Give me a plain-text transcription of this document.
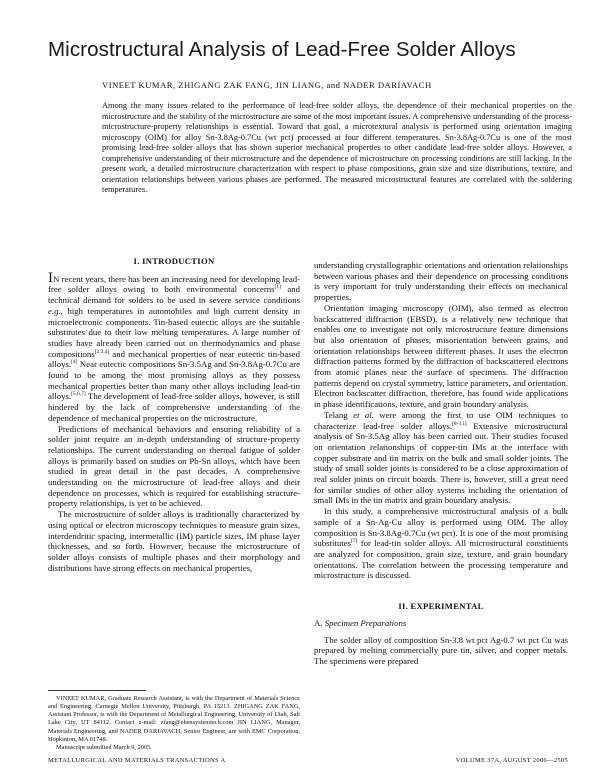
Microstructural Analysis of Lead-Free Solder Alloys
VINEET KUMAR, ZHIGANG ZAK FANG, JIN LIANG, and NADER DARIAVACH
Among the many issues related to the performance of lead-free solder alloys, the dependence of their mechanical properties on the microstructure and the stability of the microstructure are some of the most important issues. A comprehensive understanding of the process-microstructure-property relationships is essential. Toward that goal, a microtextural analysis is performed using orientation imaging microscopy (OIM) for alloy Sn-3.8Ag-0.7Cu (wt pct) processed at four different temperatures. Sn-3.8Ag-0.7Cu is one of the most promising lead-free solder alloys that has shown superior mechanical properties to other candidate lead-free solder alloys. However, a comprehensive understanding of their microstructure and the dependence of microstructure on processing conditions are still lacking. In the present work, a detailed microstructure characterization with respect to phase compositions, grain size and size distributions, texture, and orientation relationships between various phases are performed. The measured microstructural features are correlated with the soldering temperatures.
I. INTRODUCTION

IN recent years, there has been an increasing need for developing lead-free solder alloys owing to both environmental concerns[1] and technical demand for solders to be used in severe service conditions e.g., high temperatures in automobiles and high current density in microelectronic components. Tin-based eutectic alloys are the suitable substitutes due to their low melting temperatures. A large number of studies have already been carried out on thermodynamics and phase compositions[2,3,4] and mechanical properties of near eutectic tin-based alloys.[4] Near eutectic compositions Sn-3.5Ag and Sn-3.8Ag-0.7Cu are found to be among the most promising alloys as they possess mechanical properties better than many other alloys including lead-tin alloys.[5,6,7] The development of lead-free solder alloys, however, is still hindered by the lack of comprehensive understanding of the dependence of mechanical properties on the microstructure.

Predictions of mechanical behaviors and ensuring reliability of a solder joint require an in-depth understanding of structure-property relationships. The current understanding on thermal fatigue of solder alloys is primarily based on studies on Pb-Sn alloys, which have been studied in great detail in the past decades. A comprehensive understanding on the microstructure of lead-free alloys and their dependence on processes, which is required for establishing structure-property relationships, is yet to be achieved.

The microstructure of solder alloys is traditionally characterized by using optical or electron microscopy techniques to measure grain sizes, interdendritic spacing, intermetallic (IM) particle sizes, IM phase layer thicknesses, and so forth. However, because the microstructure of solder alloys consists of multiple phases and their morphology and distributions have strong effects on mechanical properties,

understanding crystallographic orientations and orientation relationships between various phases and their dependence on processing conditions is very important for truly understanding their effects on mechanical properties.

Orientation imaging microscopy (OIM), also termed as electron backscattered diffraction (EBSD), is a relatively new technique that enables one to investigate not only microstructure feature dimensions but also orientation of phases, misorientation between grains, and orientation relationships between different phases. It uses the electron diffraction patterns formed by the diffraction of backscattered electrons from atomic planes near the surface of specimens. The diffraction patterns depend on crystal symmetry, lattice parameters, and orientation. Electron backscatter diffraction, therefore, has found wide applications in phase identifications, texture, and grain boundary analysis.

Telang et al. were among the first to use OIM techniques to characterize lead-free solder alloys.[8–11] Extensive microstructural analysis of Sn-3.5Ag alloy has been carried out. Their studies focused on orientation relationships of copper-tin IMs at the interface with copper substrate and tin matrix on the bulk and small solder joints. The study of small solder joints is considered to be a close approximation of real solder joints on circuit boards. There is, however, still a great need for similar studies of other alloy systems including the orientation of small IMs in the tin matrix and grain boundary analysis.

In this study, a comprehensive microstructural analysis of a bulk sample of a Sn-Ag-Cu alloy is performed using OIM. The alloy composition is Sn-3.8Ag-0.7Cu (wt pct). It is one of the most promising substitutes[7] for lead-tin solder alloys. All microstructural constituents are analyzed for composition, grain size, texture, and grain boundary orientations. The correlation between the processing temperature and microstructure is discussed.

II. EXPERIMENTAL
A. Specimen Preparations

The solder alloy of composition Sn-3.8 wt pct Ag-0.7 wt pct Cu was prepared by melting commercially pure tin, silver, and copper metals. The specimens were prepared

VINEET KUMAR, Graduate Research Assistant, is with the Department of Materials Science and Engineering, Carnegie Mellon University, Pittsburgh, PA 15213. ZHIGANG ZAK FANG, Assistant Professor, is with the Department of Metallurgical Engineering, University of Utah, Salt Lake City, UT 84112. Contact e-mail: zfang@ehensystemtech.com JIN LIANG, Manager, Materials Engineering, and NADER DARIAVACH, Senior Engineer, are with EMC Corporation, Hopkinton, MA 01748.

Manuscript submitted March 9, 2005.

METALLURGICAL AND MATERIALS TRANSACTIONS A	VOLUME 37A, AUGUST 2006—2505
